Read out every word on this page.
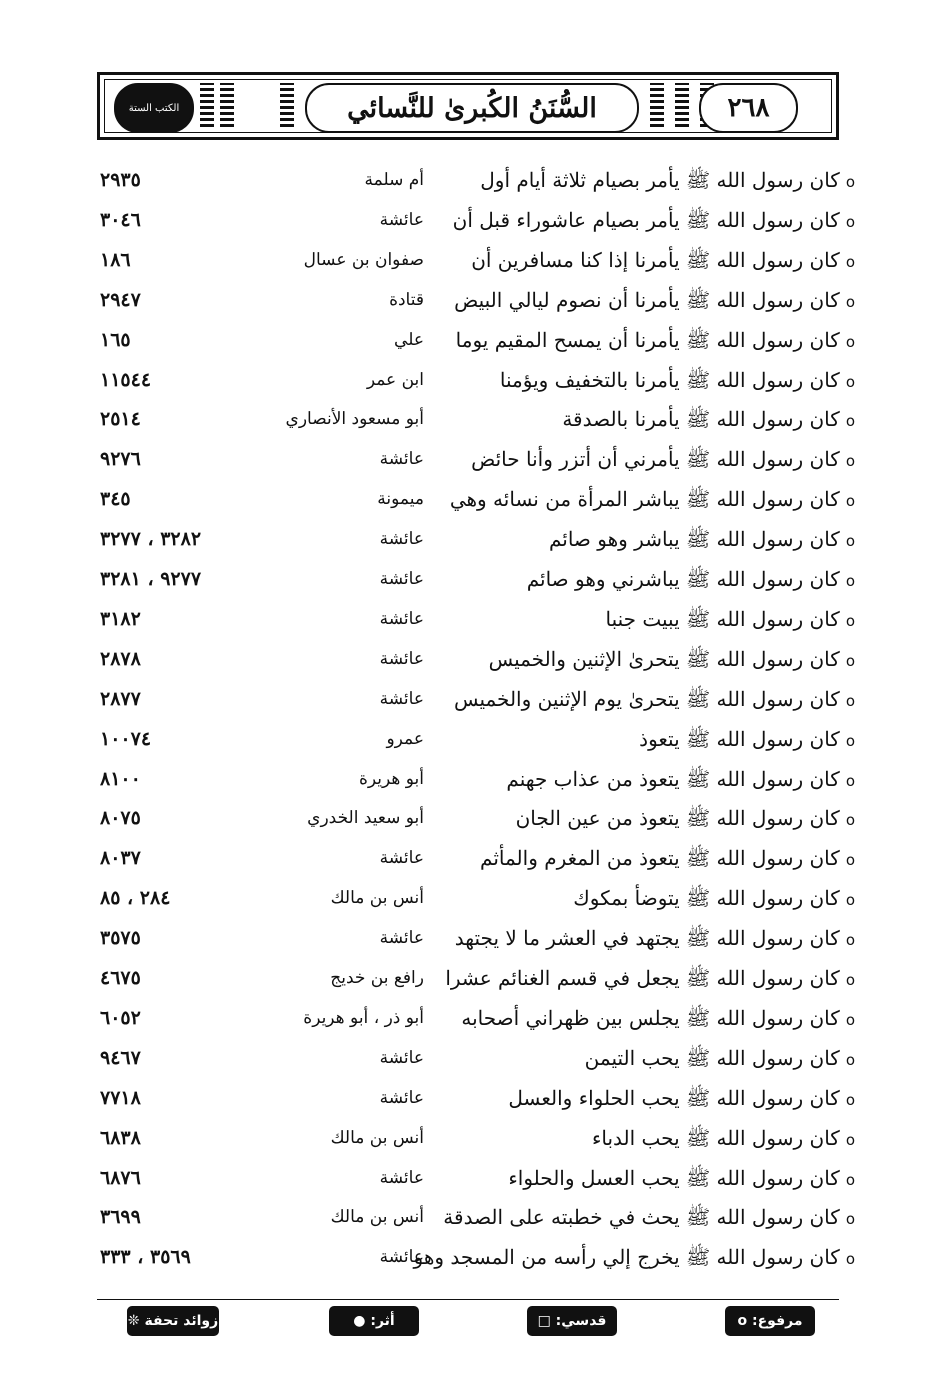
الكتب الستة	السُّنَنُ الكُبرىٰ للنَّسائي	٢٦٨
oكان رسول الله ﷺ يأمر بصيام ثلاثة أيام أول
أم سلمة
٢٩٣٥
oكان رسول الله ﷺ يأمر بصيام عاشوراء قبل أن
عائشة
٣٠٤٦
oكان رسول الله ﷺ يأمرنا إذا كنا مسافرين أن
صفوان بن عسال
١٨٦
oكان رسول الله ﷺ يأمرنا أن نصوم ليالي البيض
قتادة
٢٩٤٧
oكان رسول الله ﷺ يأمرنا أن يمسح المقيم يوما
علي
١٦٥
oكان رسول الله ﷺ يأمرنا بالتخفيف ويؤمنا
ابن عمر
١١٥٤٤
oكان رسول الله ﷺ يأمرنا بالصدقة
أبو مسعود الأنصاري
٢٥١٤
oكان رسول الله ﷺ يأمرني أن أتزر وأنا حائض
عائشة
٩٢٧٦
oكان رسول الله ﷺ يباشر المرأة من نسائه وهي
ميمونة
٣٤٥
oكان رسول الله ﷺ يباشر وهو صائم
عائشة
٣٢٨٢ ، ٣٢٧٧
oكان رسول الله ﷺ يباشرني وهو صائم
عائشة
٩٢٧٧ ، ٣٢٨١
oكان رسول الله ﷺ يبيت جنبا
عائشة
٣١٨٢
oكان رسول الله ﷺ يتحرىٰ الإثنين والخميس
عائشة
٢٨٧٨
oكان رسول الله ﷺ يتحرىٰ يوم الإثنين والخميس
عائشة
٢٨٧٧
oكان رسول الله ﷺ يتعوذ
عمرو
١٠٠٧٤
oكان رسول الله ﷺ يتعوذ من عذاب جهنم
أبو هريرة
٨١٠٠
oكان رسول الله ﷺ يتعوذ من عين الجان
أبو سعيد الخدري
٨٠٧٥
oكان رسول الله ﷺ يتعوذ من المغرم والمأثم
عائشة
٨٠٣٧
oكان رسول الله ﷺ يتوضأ بمكوك
أنس بن مالك
٢٨٤ ، ٨٥
oكان رسول الله ﷺ يجتهد في العشر ما لا يجتهد
عائشة
٣٥٧٥
oكان رسول الله ﷺ يجعل في قسم الغنائم عشرا
رافع بن خديج
٤٦٧٥
oكان رسول الله ﷺ يجلس بين ظهراني أصحابه
أبو ذر ، أبو هريرة
٦٠٥٢
oكان رسول الله ﷺ يحب التيمن
عائشة
٩٤٦٧
oكان رسول الله ﷺ يحب الحلواء والعسل
عائشة
٧٧١٨
oكان رسول الله ﷺ يحب الدباء
أنس بن مالك
٦٨٣٨
oكان رسول الله ﷺ يحب العسل والحلواء
عائشة
٦٨٧٦
oكان رسول الله ﷺ يحث في خطبته على الصدقة
أنس بن مالك
٣٦٩٩
oكان رسول الله ﷺ يخرج إلي رأسه من المسجد وهو
عائشة
٣٥٦٩ ، ٣٣٣
مرفوع: o
قدسي: □
أثر: ●
زوائد تحفة ❊
